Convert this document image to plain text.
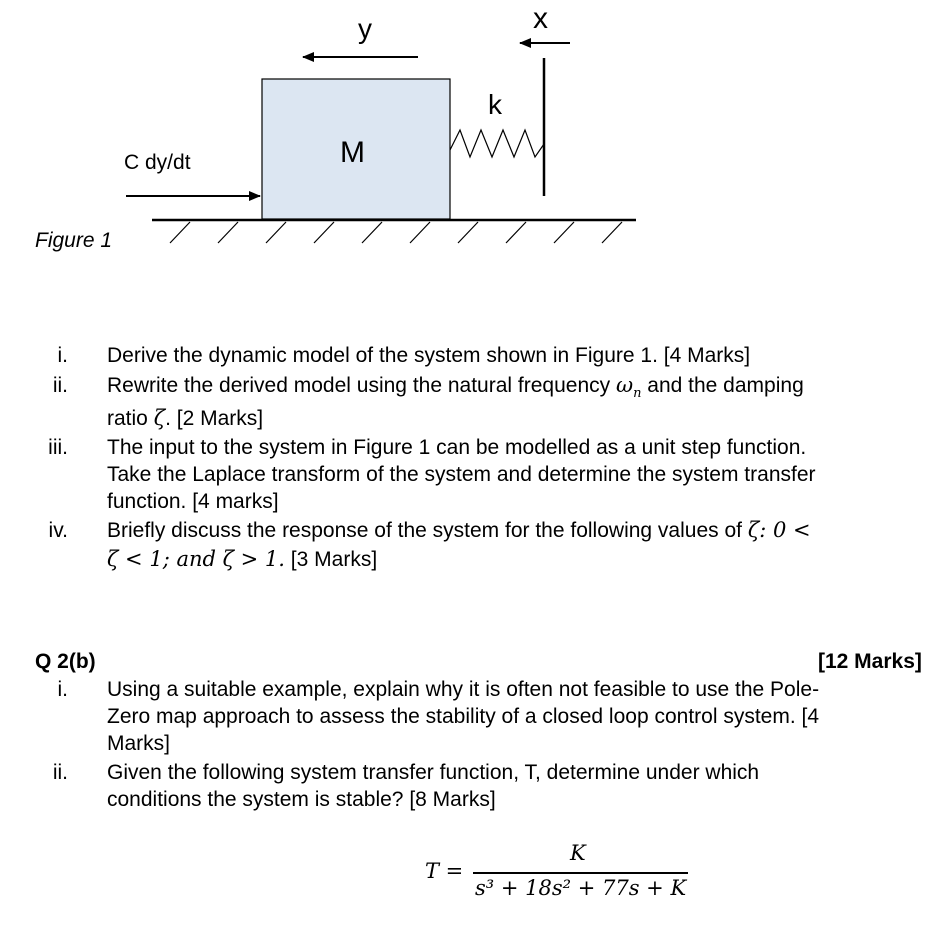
y	x
M
k
C dy/dt
Figure 1
i. Derive the dynamic model of the system shown in Figure 1. [4 Marks]
ii. Rewrite the derived model using the natural frequency $\omega_n$ and the damping
ratio ζ. [2 Marks]
iii. The input to the system in Figure 1 can be modelled as a unit step function.
Take the Laplace transform of the system and determine the system transfer
function. [4 marks]
iv. Briefly discuss the response of the system for the following values of ζ: 0 <
ζ < 1; and ζ > 1. [3 Marks]
Q 2(b)	[12 Marks]
i. Using a suitable example, explain why it is often not feasible to use the Pole-
Zero map approach to assess the stability of a closed loop control system. [4
Marks]
ii. Given the following system transfer function, T, determine under which
conditions the system is stable? [8 Marks]
T =
K
s³ + 18s² + 77s + K
